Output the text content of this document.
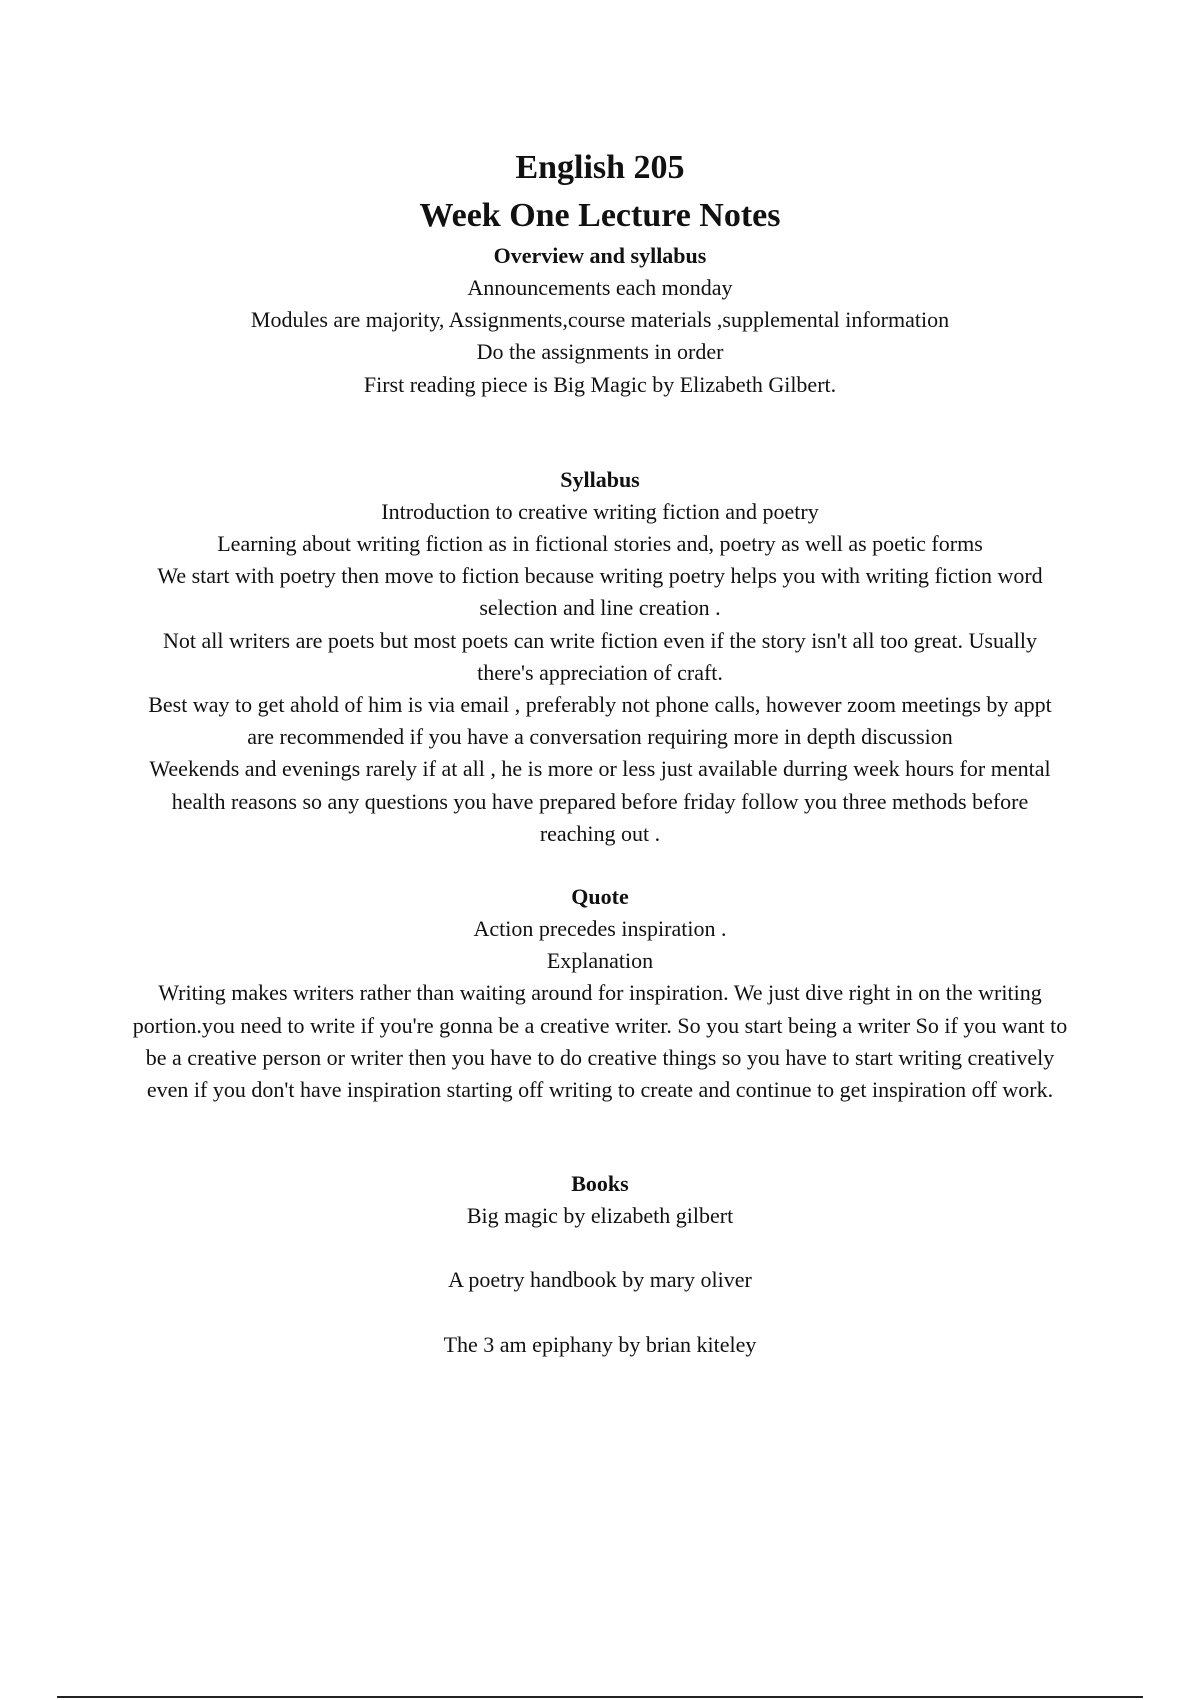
English 205
Week One Lecture Notes
Overview and syllabus
Announcements each monday
Modules are majority, Assignments,course materials ,supplemental information
Do the assignments in order
First reading piece is Big Magic by Elizabeth Gilbert.
Syllabus
Introduction to creative writing fiction and poetry
Learning about writing fiction as in fictional stories and, poetry as well as poetic forms
We start with poetry then move to fiction because writing poetry helps you with writing fiction word selection and line creation .
Not all writers are poets but most poets can write fiction even if the story isn't all too great. Usually there's appreciation of craft.
Best way to get ahold of him is via email , preferably not phone calls, however zoom meetings by appt are recommended if you have a conversation requiring more in depth discussion
Weekends and evenings rarely if at all , he is more or less just available durring week hours for mental health reasons so any questions you have prepared before friday follow you three methods before reaching out .
Quote
Action precedes inspiration .
Explanation
Writing makes writers rather than waiting around for inspiration. We just dive right in on the writing portion.you need to write if you're gonna be a creative writer. So you start being a writer So if you want to be a creative person or writer then you have to do creative things so you have to start writing creatively even if you don't have inspiration starting off writing to create and continue to get inspiration off work.
Books
Big magic by elizabeth gilbert
A poetry handbook by mary oliver
The 3 am epiphany by brian kiteley
